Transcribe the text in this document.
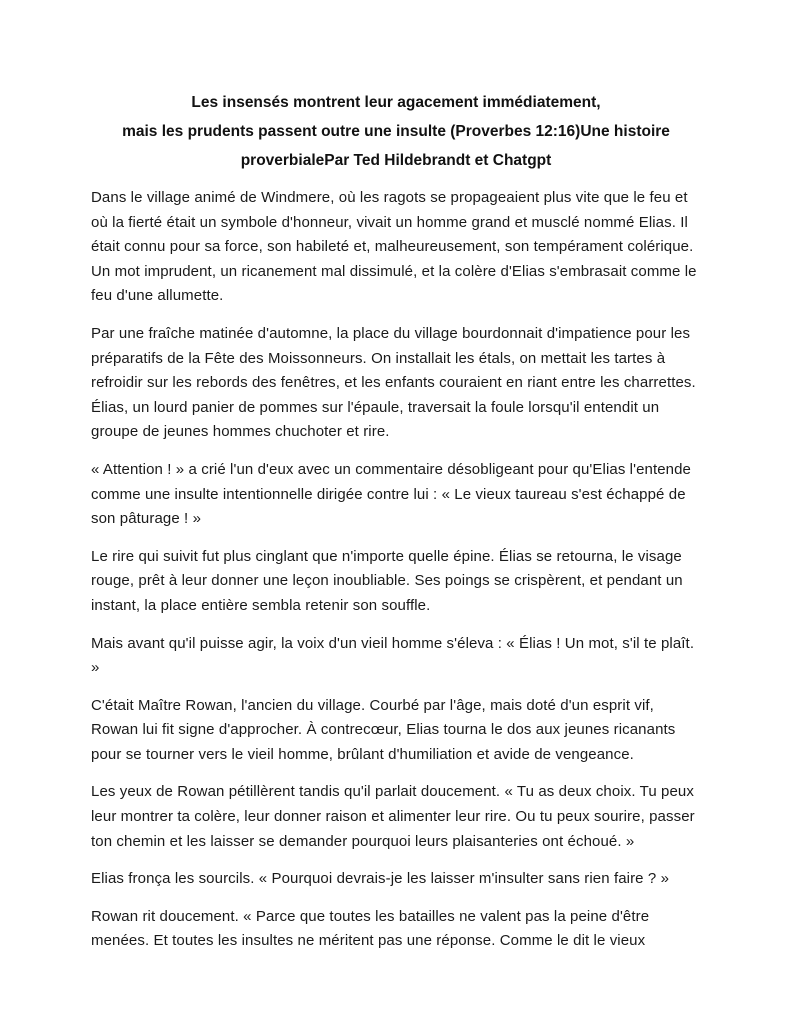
Les insensés montrent leur agacement immédiatement,
mais les prudents passent outre une insulte (Proverbes 12:16)Une histoire
proverbialePar Ted Hildebrandt et Chatgpt

Dans le village animé de Windmere, où les ragots se propageaient plus vite que le feu et où la fierté était un symbole d'honneur, vivait un homme grand et musclé nommé Elias. Il était connu pour sa force, son habileté et, malheureusement, son tempérament colérique. Un mot imprudent, un ricanement mal dissimulé, et la colère d'Elias s'embrasait comme le feu d'une allumette.

Par une fraîche matinée d'automne, la place du village bourdonnait d'impatience pour les préparatifs de la Fête des Moissonneurs. On installait les étals, on mettait les tartes à refroidir sur les rebords des fenêtres, et les enfants couraient en riant entre les charrettes. Élias, un lourd panier de pommes sur l'épaule, traversait la foule lorsqu'il entendit un groupe de jeunes hommes chuchoter et rire.

« Attention ! » a crié l'un d'eux avec un commentaire désobligeant pour qu'Elias l'entende comme une insulte intentionnelle dirigée contre lui : « Le vieux taureau s'est échappé de son pâturage ! »

Le rire qui suivit fut plus cinglant que n'importe quelle épine. Élias se retourna, le visage rouge, prêt à leur donner une leçon inoubliable. Ses poings se crispèrent, et pendant un instant, la place entière sembla retenir son souffle.

Mais avant qu'il puisse agir, la voix d'un vieil homme s'éleva : « Élias ! Un mot, s'il te plaît. »

C'était Maître Rowan, l'ancien du village. Courbé par l'âge, mais doté d'un esprit vif, Rowan lui fit signe d'approcher. À contrecœur, Elias tourna le dos aux jeunes ricanants pour se tourner vers le vieil homme, brûlant d'humiliation et avide de vengeance.

Les yeux de Rowan pétillèrent tandis qu'il parlait doucement. « Tu as deux choix. Tu peux leur montrer ta colère, leur donner raison et alimenter leur rire. Ou tu peux sourire, passer ton chemin et les laisser se demander pourquoi leurs plaisanteries ont échoué. »

Elias fronça les sourcils. « Pourquoi devrais-je les laisser m'insulter sans rien faire ? »

Rowan rit doucement. « Parce que toutes les batailles ne valent pas la peine d'être menées. Et toutes les insultes ne méritent pas une réponse. Comme le dit le vieux
